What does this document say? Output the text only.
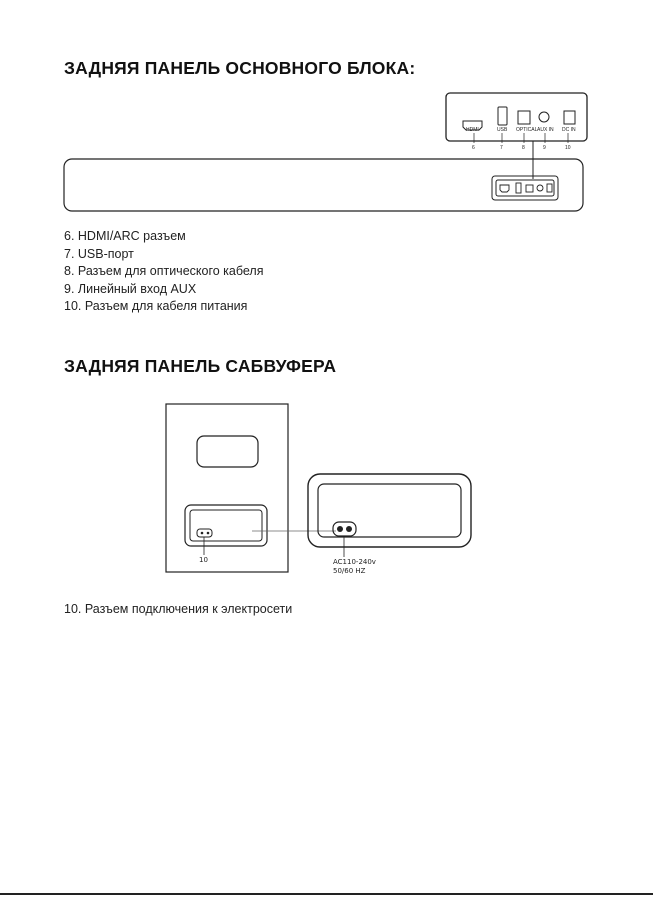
ЗАДНЯЯ ПАНЕЛЬ ОСНОВНОГО БЛОКА:
HDMI	USB OPTICAL AUX IN DC IN
6	7	8	9	10
6. HDMI/ARC разъем
7. USB-порт
8. Разъем для оптического кабеля
9. Линейный вход AUX
10. Разъем для кабеля питания
ЗАДНЯЯ ПАНЕЛЬ САБВУФЕРА
10	AC110-240v
50/60 HZ
10. Разъем подключения к электросети
